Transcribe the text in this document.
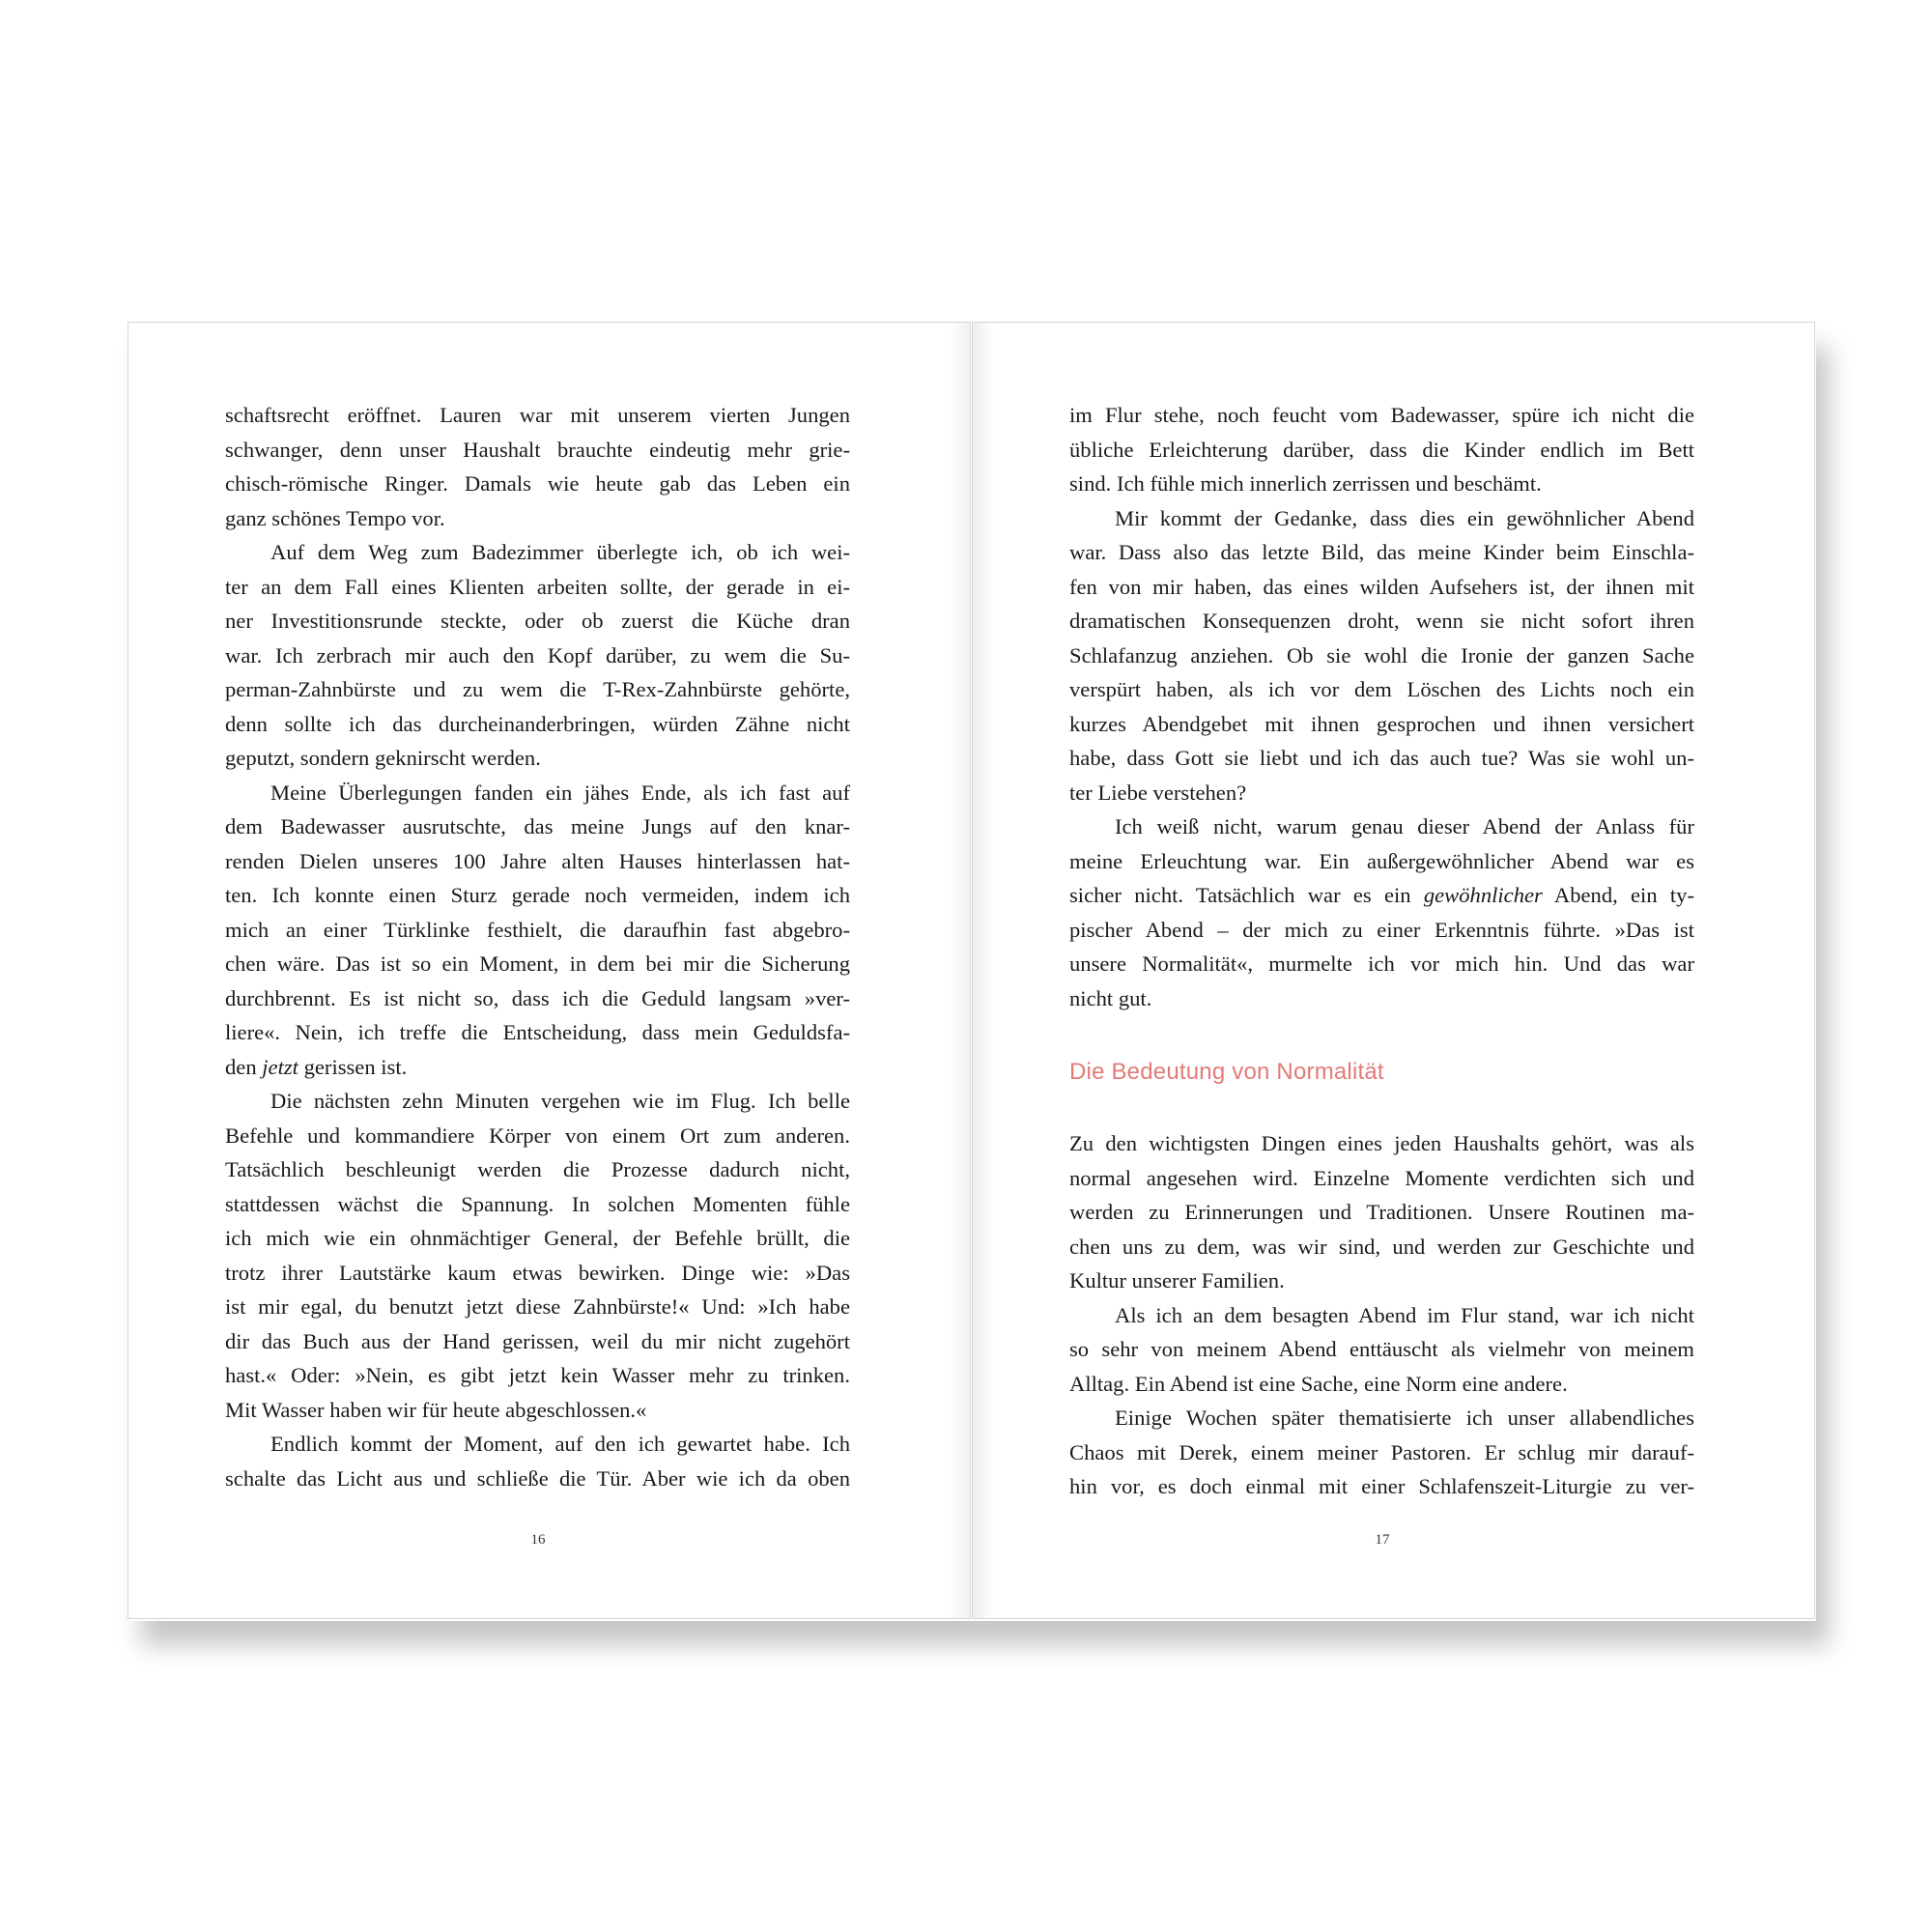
schaftsrecht eröffnet. Lauren war mit unserem vierten Jungen
schwanger, denn unser Haushalt brauchte eindeutig mehr grie-
chisch-römische Ringer. Damals wie heute gab das Leben ein
ganz schönes Tempo vor.
Auf dem Weg zum Badezimmer überlegte ich, ob ich wei-
ter an dem Fall eines Klienten arbeiten sollte, der gerade in ei-
ner Investitionsrunde steckte, oder ob zuerst die Küche dran
war. Ich zerbrach mir auch den Kopf darüber, zu wem die Su-
perman-Zahnbürste und zu wem die T-Rex-Zahnbürste gehörte,
denn sollte ich das durcheinanderbringen, würden Zähne nicht
geputzt, sondern geknirscht werden.
Meine Überlegungen fanden ein jähes Ende, als ich fast auf
dem Badewasser ausrutschte, das meine Jungs auf den knar-
renden Dielen unseres 100 Jahre alten Hauses hinterlassen hat-
ten. Ich konnte einen Sturz gerade noch vermeiden, indem ich
mich an einer Türklinke festhielt, die daraufhin fast abgebro-
chen wäre. Das ist so ein Moment, in dem bei mir die Sicherung
durchbrennt. Es ist nicht so, dass ich die Geduld langsam »ver-
liere«. Nein, ich treffe die Entscheidung, dass mein Geduldsfa-
den jetzt gerissen ist.
Die nächsten zehn Minuten vergehen wie im Flug. Ich belle
Befehle und kommandiere Körper von einem Ort zum anderen.
Tatsächlich beschleunigt werden die Prozesse dadurch nicht,
stattdessen wächst die Spannung. In solchen Momenten fühle
ich mich wie ein ohnmächtiger General, der Befehle brüllt, die
trotz ihrer Lautstärke kaum etwas bewirken. Dinge wie: »Das
ist mir egal, du benutzt jetzt diese Zahnbürste!« Und: »Ich habe
dir das Buch aus der Hand gerissen, weil du mir nicht zugehört
hast.« Oder: »Nein, es gibt jetzt kein Wasser mehr zu trinken.
Mit Wasser haben wir für heute abgeschlossen.«
Endlich kommt der Moment, auf den ich gewartet habe. Ich
schalte das Licht aus und schließe die Tür. Aber wie ich da oben
16
im Flur stehe, noch feucht vom Badewasser, spüre ich nicht die
übliche Erleichterung darüber, dass die Kinder endlich im Bett
sind. Ich fühle mich innerlich zerrissen und beschämt.
Mir kommt der Gedanke, dass dies ein gewöhnlicher Abend
war. Dass also das letzte Bild, das meine Kinder beim Einschla-
fen von mir haben, das eines wilden Aufsehers ist, der ihnen mit
dramatischen Konsequenzen droht, wenn sie nicht sofort ihren
Schlafanzug anziehen. Ob sie wohl die Ironie der ganzen Sache
verspürt haben, als ich vor dem Löschen des Lichts noch ein
kurzes Abendgebet mit ihnen gesprochen und ihnen versichert
habe, dass Gott sie liebt und ich das auch tue? Was sie wohl un-
ter Liebe verstehen?
Ich weiß nicht, warum genau dieser Abend der Anlass für
meine Erleuchtung war. Ein außergewöhnlicher Abend war es
sicher nicht. Tatsächlich war es ein gewöhnlicher Abend, ein ty-
pischer Abend – der mich zu einer Erkenntnis führte. »Das ist
unsere Normalität«, murmelte ich vor mich hin. Und das war
nicht gut.
Die Bedeutung von Normalität
Zu den wichtigsten Dingen eines jeden Haushalts gehört, was als
normal angesehen wird. Einzelne Momente verdichten sich und
werden zu Erinnerungen und Traditionen. Unsere Routinen ma-
chen uns zu dem, was wir sind, und werden zur Geschichte und
Kultur unserer Familien.
Als ich an dem besagten Abend im Flur stand, war ich nicht
so sehr von meinem Abend enttäuscht als vielmehr von meinem
Alltag. Ein Abend ist eine Sache, eine Norm eine andere.
Einige Wochen später thematisierte ich unser allabendliches
Chaos mit Derek, einem meiner Pastoren. Er schlug mir darauf-
hin vor, es doch einmal mit einer Schlafenszeit-Liturgie zu ver-
17
